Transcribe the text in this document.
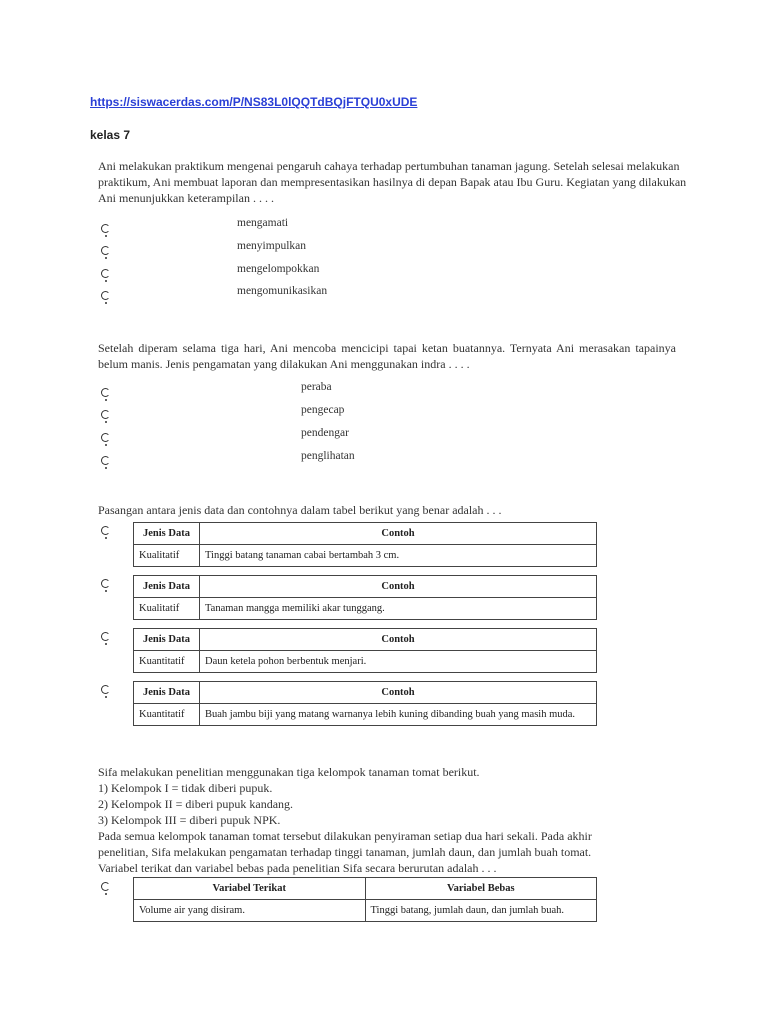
https://siswacerdas.com/P/NS83L0lQQTdBQjFTQU0xUDE
kelas 7
Ani melakukan praktikum mengenai pengaruh cahaya terhadap pertumbuhan tanaman jagung. Setelah selesai melakukan praktikum, Ani membuat laporan dan mempresentasikan hasilnya di depan Bapak atau Ibu Guru. Kegiatan yang dilakukan Ani menunjukkan keterampilan . . . .
mengamati
menyimpulkan
mengelompokkan
mengomunikasikan
Setelah diperam selama tiga hari, Ani mencoba mencicipi tapai ketan buatannya. Ternyata Ani merasakan tapainya belum manis. Jenis pengamatan yang dilakukan Ani menggunakan indra . . . .
peraba
pengecap
pendengar
penglihatan
Pasangan antara jenis data dan contohnya dalam tabel berikut yang benar adalah . . .
Jenis Data	Contoh
Kualitatif	Tinggi batang tanaman cabai bertambah 3 cm.
Jenis Data	Contoh
Kualitatif	Tanaman mangga memiliki akar tunggang.
Jenis Data	Contoh
Kuantitatif	Daun ketela pohon berbentuk menjari.
Jenis Data	Contoh
Kuantitatif	Buah jambu biji yang matang warnanya lebih kuning dibanding buah yang masih muda.
Sifa melakukan penelitian menggunakan tiga kelompok tanaman tomat berikut.
1) Kelompok I = tidak diberi pupuk.
2) Kelompok II = diberi pupuk kandang.
3) Kelompok III = diberi pupuk NPK.
Pada semua kelompok tanaman tomat tersebut dilakukan penyiraman setiap dua hari sekali. Pada akhir
penelitian, Sifa melakukan pengamatan terhadap tinggi tanaman, jumlah daun, dan jumlah buah tomat.
Variabel terikat dan variabel bebas pada penelitian Sifa secara berurutan adalah . . .
Variabel Terikat	Variabel Bebas
Volume air yang disiram.	Tinggi batang, jumlah daun, dan jumlah buah.
